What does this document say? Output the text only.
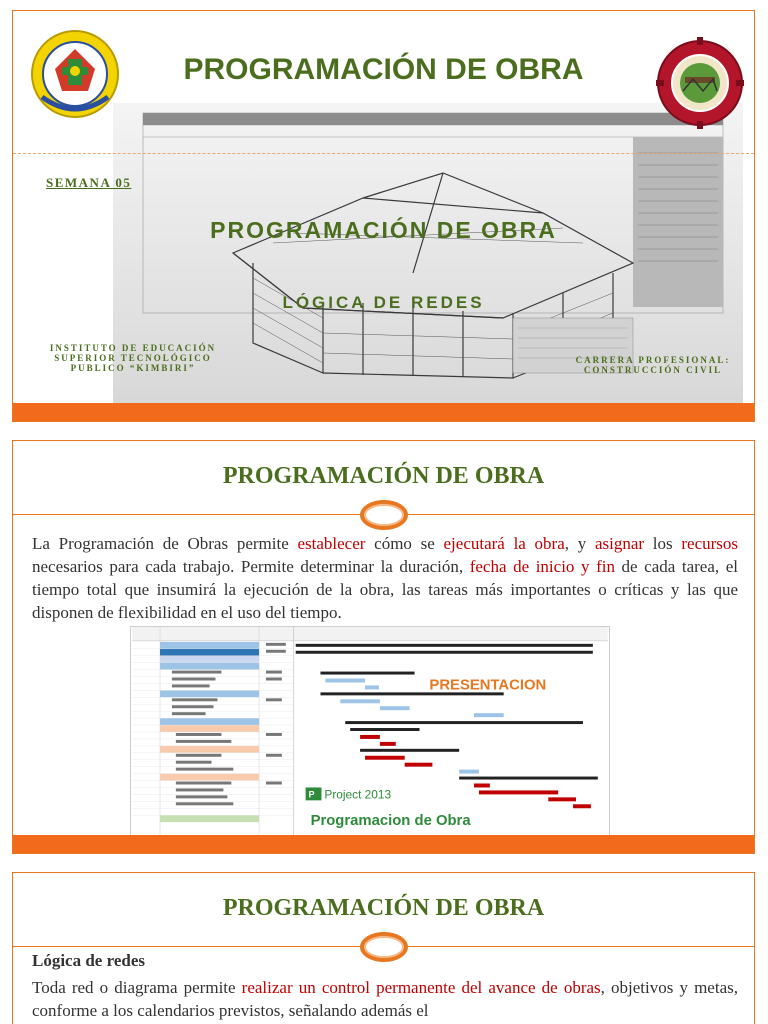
PROGRAMACIÓN DE OBRA
SEMANA 05
PROGRAMACIÓN DE OBRA
LÓGICA DE REDES
INSTITUTO DE EDUCACIÓN SUPERIOR TECNOLÓGICO PUBLICO “KIMBIRI”
CARRERA PROFESIONAL: CONSTRUCCIÓN CIVIL
PROGRAMACIÓN DE OBRA
La Programación de Obras permite establecer cómo se ejecutará la obra, y asignar los recursos necesarios para cada trabajo. Permite determinar la duración, fecha de inicio y fin de cada tarea, el tiempo total que insumirá la ejecución de la obra, las tareas más importantes o críticas y las que disponen de flexibilidad en el uso del tiempo.
PRESENTACION
P Project 2013
Programacion de Obra
PROGRAMACIÓN DE OBRA
Lógica de redes
Toda red o diagrama permite realizar un control permanente del avance de obras, objetivos y metas, conforme a los calendarios previstos, señalando además el
